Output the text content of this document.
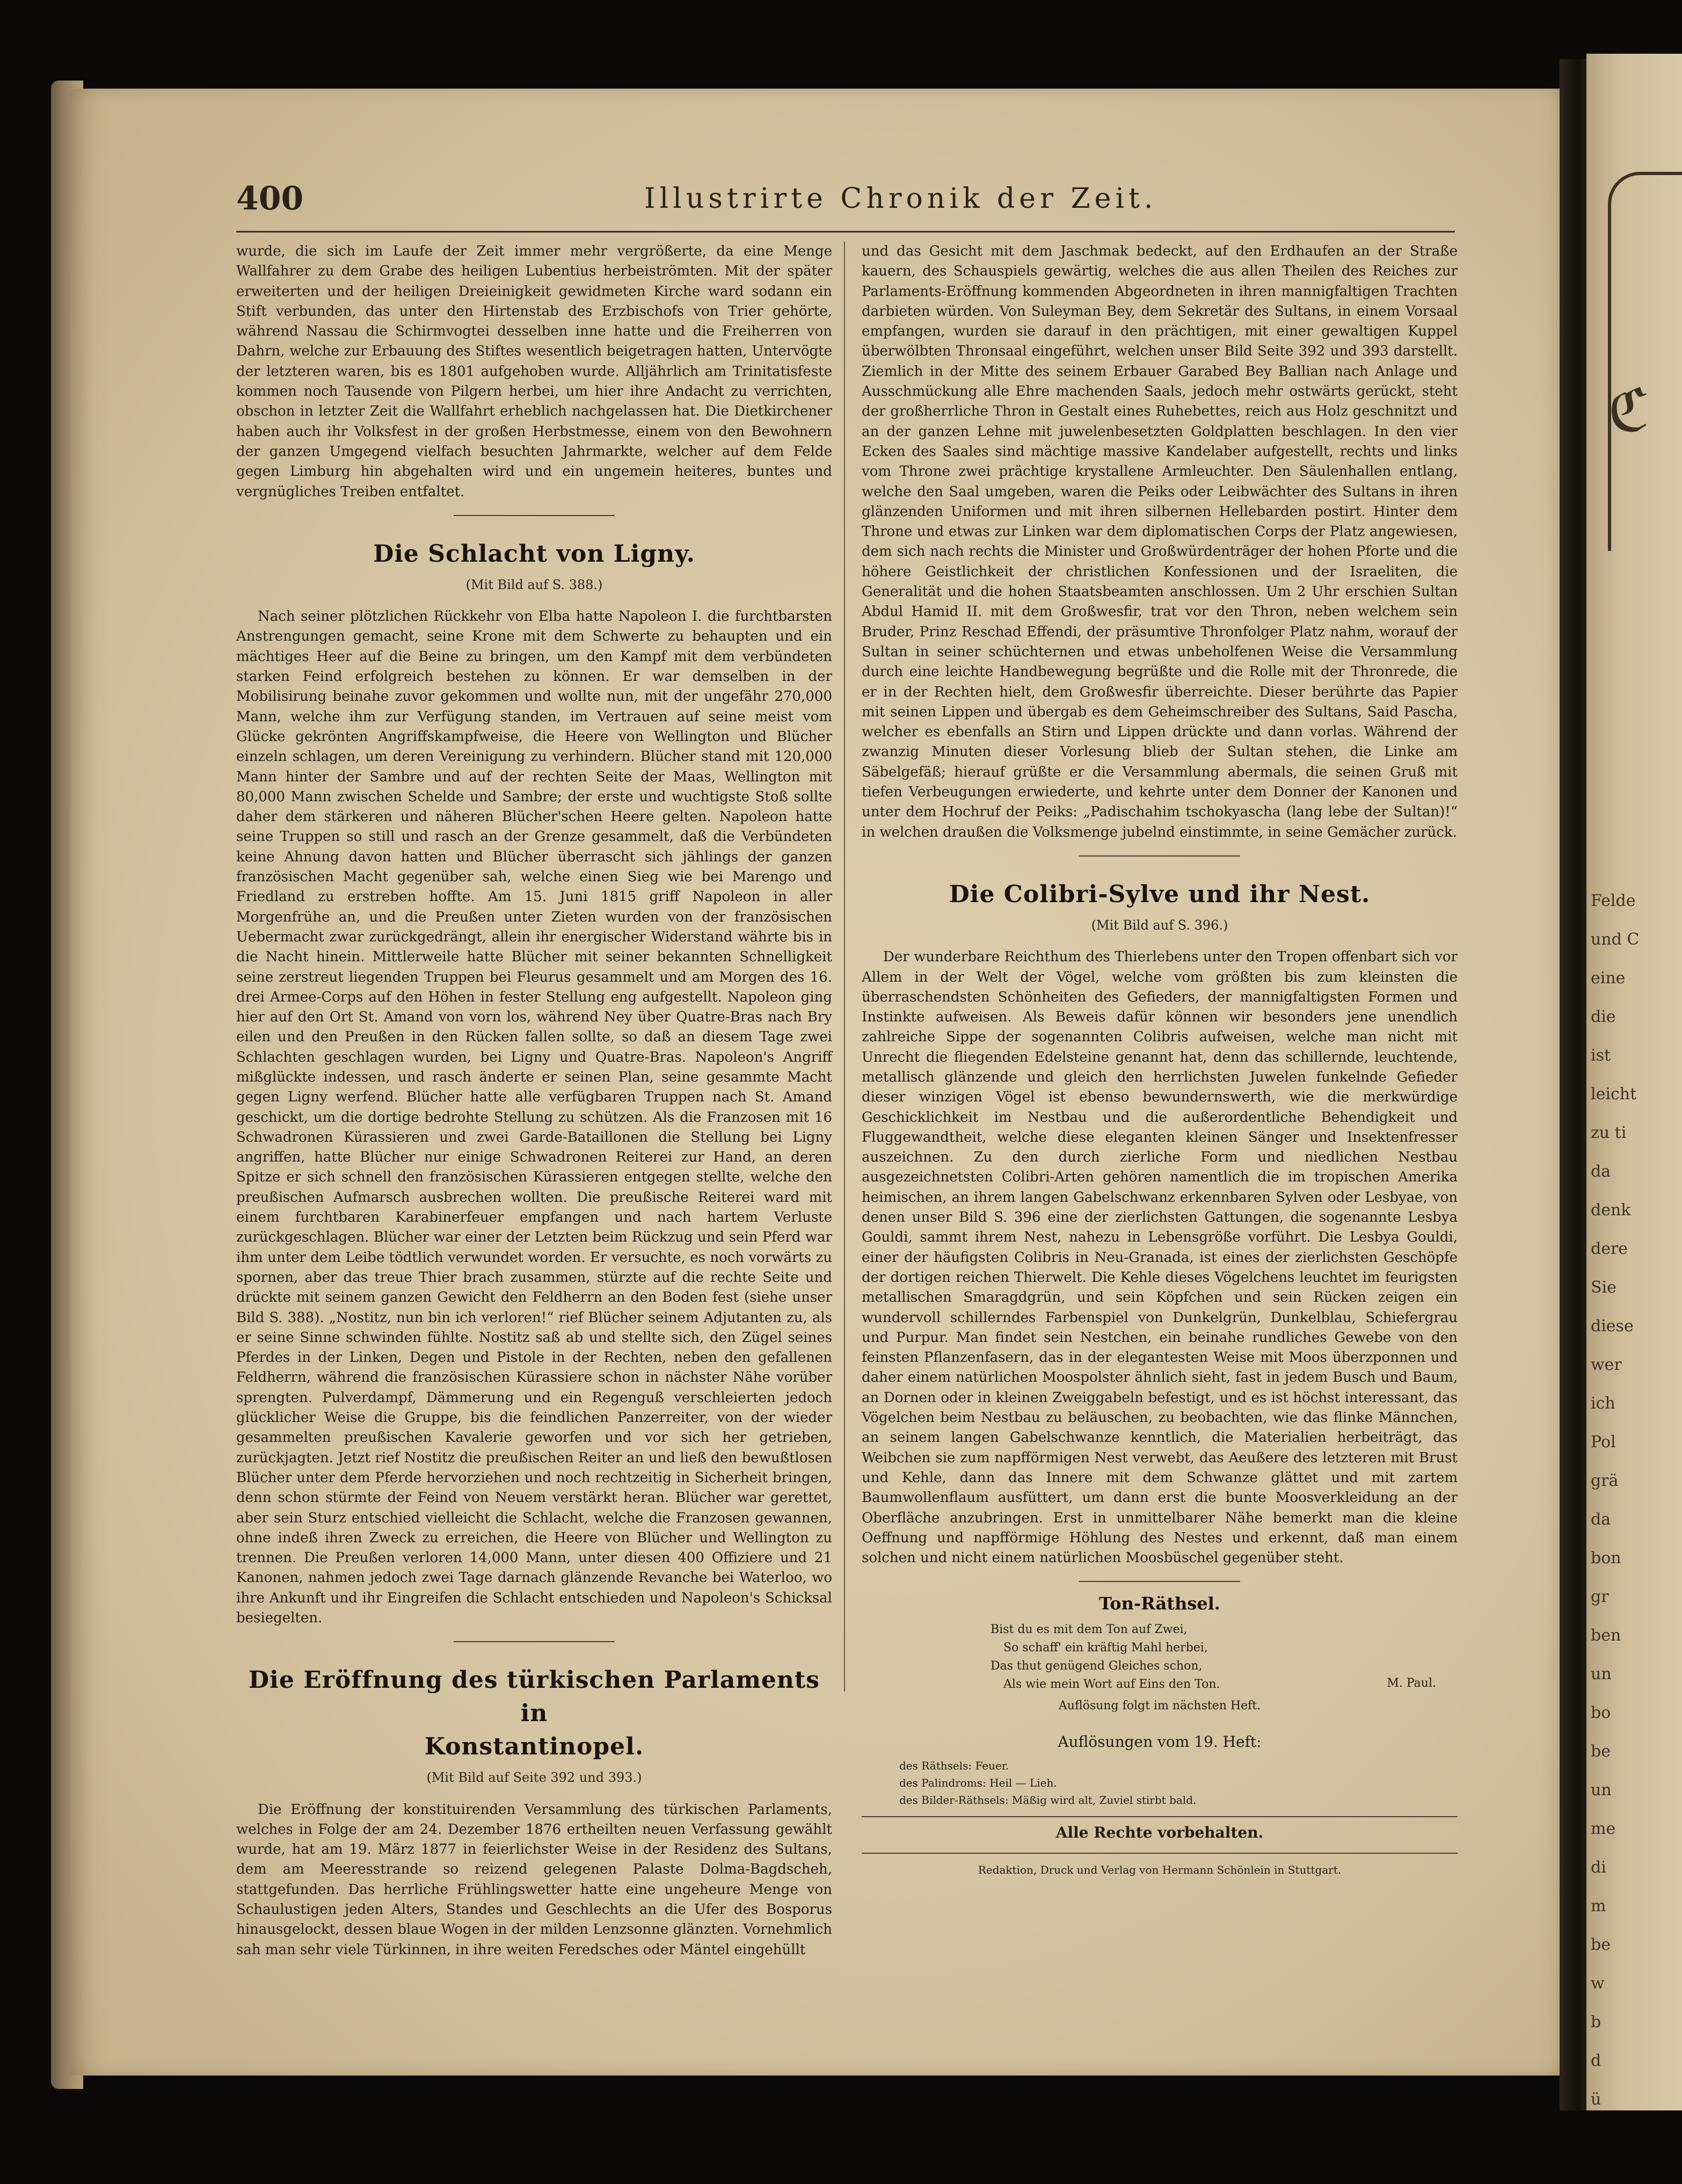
ℭ
Felde
und C
eine
die
ist
leicht
zu ti
da
denk
dere
Sie
diese
wer
ich
Pol
grä
da
bon
gr
ben
un
bo
be
un
me
di
m
be
w
b
d
ü
400	Illustrirte Chronik der Zeit.

wurde, die sich im Laufe der Zeit immer mehr vergrößerte, da eine Menge Wallfahrer zu dem Grabe des heiligen Lubentius herbeiströmten. Mit der später erweiterten und der heiligen Dreieinigkeit gewidmeten Kirche ward sodann ein Stift verbunden, das unter den Hirtenstab des Erzbischofs von Trier gehörte, während Nassau die Schirmvogtei desselben inne hatte und die Freiherren von Dahrn, welche zur Erbauung des Stiftes wesentlich beigetragen hatten, Untervögte der letzteren waren, bis es 1801 aufgehoben wurde. Alljährlich am Trinitatisfeste kommen noch Tausende von Pilgern herbei, um hier ihre Andacht zu verrichten, obschon in letzter Zeit die Wallfahrt erheblich nachgelassen hat. Die Dietkirchener haben auch ihr Volksfest in der großen Herbstmesse, einem von den Bewohnern der ganzen Umgegend vielfach besuchten Jahrmarkte, welcher auf dem Felde gegen Limburg hin abgehalten wird und ein ungemein heiteres, buntes und vergnügliches Treiben entfaltet.

Die Schlacht von Ligny.
(Mit Bild auf S. 388.)

Nach seiner plötzlichen Rückkehr von Elba hatte Napoleon I. die furchtbarsten Anstrengungen gemacht, seine Krone mit dem Schwerte zu behaupten und ein mächtiges Heer auf die Beine zu bringen, um den Kampf mit dem verbündeten starken Feind erfolgreich bestehen zu können. Er war demselben in der Mobilisirung beinahe zuvor gekommen und wollte nun, mit der ungefähr 270,000 Mann, welche ihm zur Verfügung standen, im Vertrauen auf seine meist vom Glücke gekrönten Angriffskampfweise, die Heere von Wellington und Blücher einzeln schlagen, um deren Vereinigung zu verhindern. Blücher stand mit 120,000 Mann hinter der Sambre und auf der rechten Seite der Maas, Wellington mit 80,000 Mann zwischen Schelde und Sambre; der erste und wuchtigste Stoß sollte daher dem stärkeren und näheren Blücher'schen Heere gelten. Napoleon hatte seine Truppen so still und rasch an der Grenze gesammelt, daß die Verbündeten keine Ahnung davon hatten und Blücher überrascht sich jählings der ganzen französischen Macht gegenüber sah, welche einen Sieg wie bei Marengo und Friedland zu erstreben hoffte. Am 15. Juni 1815 griff Napoleon in aller Morgenfrühe an, und die Preußen unter Zieten wurden von der französischen Uebermacht zwar zurückgedrängt, allein ihr energischer Widerstand währte bis in die Nacht hinein. Mittlerweile hatte Blücher mit seiner bekannten Schnelligkeit seine zerstreut liegenden Truppen bei Fleurus gesammelt und am Morgen des 16. drei Armee-Corps auf den Höhen in fester Stellung eng aufgestellt. Napoleon ging hier auf den Ort St. Amand von vorn los, während Ney über Quatre-Bras nach Bry eilen und den Preußen in den Rücken fallen sollte, so daß an diesem Tage zwei Schlachten geschlagen wurden, bei Ligny und Quatre-Bras. Napoleon's Angriff mißglückte indessen, und rasch änderte er seinen Plan, seine gesammte Macht gegen Ligny werfend. Blücher hatte alle verfügbaren Truppen nach St. Amand geschickt, um die dortige bedrohte Stellung zu schützen. Als die Franzosen mit 16 Schwadronen Kürassieren und zwei Garde-Bataillonen die Stellung bei Ligny angriffen, hatte Blücher nur einige Schwadronen Reiterei zur Hand, an deren Spitze er sich schnell den französischen Kürassieren entgegen stellte, welche den preußischen Aufmarsch ausbrechen wollten. Die preußische Reiterei ward mit einem furchtbaren Karabinerfeuer empfangen und nach hartem Verluste zurückgeschlagen. Blücher war einer der Letzten beim Rückzug und sein Pferd war ihm unter dem Leibe tödtlich verwundet worden. Er versuchte, es noch vorwärts zu spornen, aber das treue Thier brach zusammen, stürzte auf die rechte Seite und drückte mit seinem ganzen Gewicht den Feldherrn an den Boden fest (siehe unser Bild S. 388). „Nostitz, nun bin ich verloren!“ rief Blücher seinem Adjutanten zu, als er seine Sinne schwinden fühlte. Nostitz saß ab und stellte sich, den Zügel seines Pferdes in der Linken, Degen und Pistole in der Rechten, neben den gefallenen Feldherrn, während die französischen Kürassiere schon in nächster Nähe vorüber sprengten. Pulverdampf, Dämmerung und ein Regenguß verschleierten jedoch glücklicher Weise die Gruppe, bis die feindlichen Panzerreiter, von der wieder gesammelten preußischen Kavalerie geworfen und vor sich her getrieben, zurückjagten. Jetzt rief Nostitz die preußischen Reiter an und ließ den bewußtlosen Blücher unter dem Pferde hervorziehen und noch rechtzeitig in Sicherheit bringen, denn schon stürmte der Feind von Neuem verstärkt heran. Blücher war gerettet, aber sein Sturz entschied vielleicht die Schlacht, welche die Franzosen gewannen, ohne indeß ihren Zweck zu erreichen, die Heere von Blücher und Wellington zu trennen. Die Preußen verloren 14,000 Mann, unter diesen 400 Offiziere und 21 Kanonen, nahmen jedoch zwei Tage darnach glänzende Revanche bei Waterloo, wo ihre Ankunft und ihr Eingreifen die Schlacht entschieden und Napoleon's Schicksal besiegelten.

Die Eröffnung des türkischen Parlaments in
Konstantinopel.
(Mit Bild auf Seite 392 und 393.)

Die Eröffnung der konstituirenden Versammlung des türkischen Parlaments, welches in Folge der am 24. Dezember 1876 ertheilten neuen Verfassung gewählt wurde, hat am 19. März 1877 in feierlichster Weise in der Residenz des Sultans, dem am Meeresstrande so reizend gelegenen Palaste Dolma-Bagdscheh, stattgefunden. Das herrliche Frühlingswetter hatte eine ungeheure Menge von Schaulustigen jeden Alters, Standes und Geschlechts an die Ufer des Bosporus hinausgelockt, dessen blaue Wogen in der milden Lenzsonne glänzten. Vornehmlich sah man sehr viele Türkinnen, in ihre weiten Feredsches oder Mäntel eingehüllt

und das Gesicht mit dem Jaschmak bedeckt, auf den Erdhaufen an der Straße kauern, des Schauspiels gewärtig, welches die aus allen Theilen des Reiches zur Parlaments-Eröffnung kommenden Abgeordneten in ihren mannigfaltigen Trachten darbieten würden. Von Suleyman Bey, dem Sekretär des Sultans, in einem Vorsaal empfangen, wurden sie darauf in den prächtigen, mit einer gewaltigen Kuppel überwölbten Thronsaal eingeführt, welchen unser Bild Seite 392 und 393 darstellt. Ziemlich in der Mitte des seinem Erbauer Garabed Bey Ballian nach Anlage und Ausschmückung alle Ehre machenden Saals, jedoch mehr ostwärts gerückt, steht der großherrliche Thron in Gestalt eines Ruhebettes, reich aus Holz geschnitzt und an der ganzen Lehne mit juwelenbesetzten Goldplatten beschlagen. In den vier Ecken des Saales sind mächtige massive Kandelaber aufgestellt, rechts und links vom Throne zwei prächtige krystallene Armleuchter. Den Säulenhallen entlang, welche den Saal umgeben, waren die Peiks oder Leibwächter des Sultans in ihren glänzenden Uniformen und mit ihren silbernen Hellebarden postirt. Hinter dem Throne und etwas zur Linken war dem diplomatischen Corps der Platz angewiesen, dem sich nach rechts die Minister und Großwürdenträger der hohen Pforte und die höhere Geistlichkeit der christlichen Konfessionen und der Israeliten, die Generalität und die hohen Staatsbeamten anschlossen. Um 2 Uhr erschien Sultan Abdul Hamid II. mit dem Großwesfir, trat vor den Thron, neben welchem sein Bruder, Prinz Reschad Effendi, der präsumtive Thronfolger Platz nahm, worauf der Sultan in seiner schüchternen und etwas unbeholfenen Weise die Versammlung durch eine leichte Handbewegung begrüßte und die Rolle mit der Thronrede, die er in der Rechten hielt, dem Großwesfir überreichte. Dieser berührte das Papier mit seinen Lippen und übergab es dem Geheimschreiber des Sultans, Said Pascha, welcher es ebenfalls an Stirn und Lippen drückte und dann vorlas. Während der zwanzig Minuten dieser Vorlesung blieb der Sultan stehen, die Linke am Säbelgefäß; hierauf grüßte er die Versammlung abermals, die seinen Gruß mit tiefen Verbeugungen erwiederte, und kehrte unter dem Donner der Kanonen und unter dem Hochruf der Peiks: „Padischahim tschokyascha (lang lebe der Sultan)!“ in welchen draußen die Volksmenge jubelnd einstimmte, in seine Gemächer zurück.

Die Colibri-Sylve und ihr Nest.
(Mit Bild auf S. 396.)

Der wunderbare Reichthum des Thierlebens unter den Tropen offenbart sich vor Allem in der Welt der Vögel, welche vom größten bis zum kleinsten die überraschendsten Schönheiten des Gefieders, der mannigfaltigsten Formen und Instinkte aufweisen. Als Beweis dafür können wir besonders jene unendlich zahlreiche Sippe der sogenannten Colibris aufweisen, welche man nicht mit Unrecht die fliegenden Edelsteine genannt hat, denn das schillernde, leuchtende, metallisch glänzende und gleich den herrlichsten Juwelen funkelnde Gefieder dieser winzigen Vögel ist ebenso bewundernswerth, wie die merkwürdige Geschicklichkeit im Nestbau und die außerordentliche Behendigkeit und Fluggewandtheit, welche diese eleganten kleinen Sänger und Insektenfresser auszeichnen. Zu den durch zierliche Form und niedlichen Nestbau ausgezeichnetsten Colibri-Arten gehören namentlich die im tropischen Amerika heimischen, an ihrem langen Gabelschwanz erkennbaren Sylven oder Lesbyae, von denen unser Bild S. 396 eine der zierlichsten Gattungen, die sogenannte Lesbya Gouldi, sammt ihrem Nest, nahezu in Lebensgröße vorführt. Die Lesbya Gouldi, einer der häufigsten Colibris in Neu-Granada, ist eines der zierlichsten Geschöpfe der dortigen reichen Thierwelt. Die Kehle dieses Vögelchens leuchtet im feurigsten metallischen Smaragdgrün, und sein Köpfchen und sein Rücken zeigen ein wundervoll schillerndes Farbenspiel von Dunkelgrün, Dunkelblau, Schiefergrau und Purpur. Man findet sein Nestchen, ein beinahe rundliches Gewebe von den feinsten Pflanzenfasern, das in der elegantesten Weise mit Moos überzponnen und daher einem natürlichen Moospolster ähnlich sieht, fast in jedem Busch und Baum, an Dornen oder in kleinen Zweiggabeln befestigt, und es ist höchst interessant, das Vögelchen beim Nestbau zu beläuschen, zu beobachten, wie das flinke Männchen, an seinem langen Gabelschwanze kenntlich, die Materialien herbeiträgt, das Weibchen sie zum napfförmigen Nest verwebt, das Aeußere des letzteren mit Brust und Kehle, dann das Innere mit dem Schwanze glättet und mit zartem Baumwollenflaum ausfüttert, um dann erst die bunte Moosverkleidung an der Oberfläche anzubringen. Erst in unmittelbarer Nähe bemerkt man die kleine Oeffnung und napfförmige Höhlung des Nestes und erkennt, daß man einem solchen und nicht einem natürlichen Moosbüschel gegenüber steht.

Ton-Räthsel.
Bist du es mit dem Ton auf Zwei,
So schaff' ein kräftig Mahl herbei,
Das thut genügend Gleiches schon,
Als wie mein Wort auf Eins den Ton.	M. Paul.
Auflösung folgt im nächsten Heft.
Auflösungen vom 19. Heft:
des Räthsels: Feuer.
des Palindroms: Heil — Lieh.
des Bilder-Räthsels: Mäßig wird alt, Zuviel stirbt bald.
Alle Rechte vorbehalten.
Redaktion, Druck und Verlag von Hermann Schönlein in Stuttgart.
